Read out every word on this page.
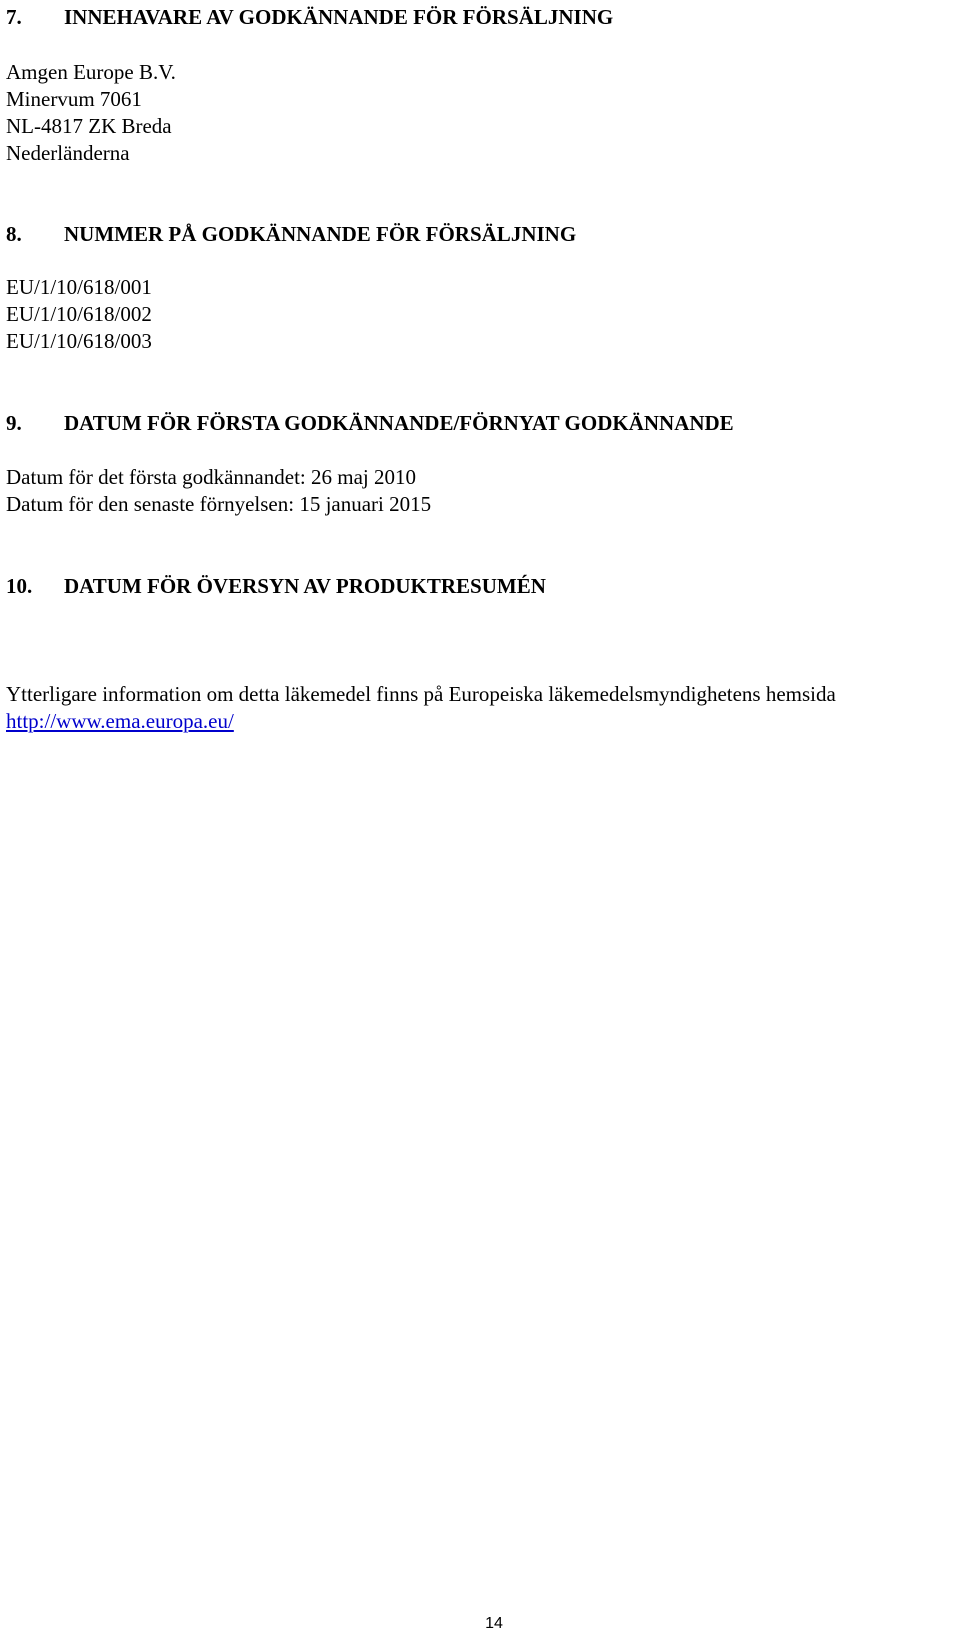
7. INNEHAVARE AV GODKÄNNANDE FÖR FÖRSÄLJNING
Amgen Europe B.V.
Minervum 7061
NL-4817 ZK Breda
Nederländerna
8. NUMMER PÅ GODKÄNNANDE FÖR FÖRSÄLJNING
EU/1/10/618/001
EU/1/10/618/002
EU/1/10/618/003
9. DATUM FÖR FÖRSTA GODKÄNNANDE/FÖRNYAT GODKÄNNANDE
Datum för det första godkännandet: 26 maj 2010
Datum för den senaste förnyelsen: 15 januari 2015
10. DATUM FÖR ÖVERSYN AV PRODUKTRESUMÉN
Ytterligare information om detta läkemedel finns på Europeiska läkemedelsmyndighetens hemsida
http://www.ema.europa.eu/
14
